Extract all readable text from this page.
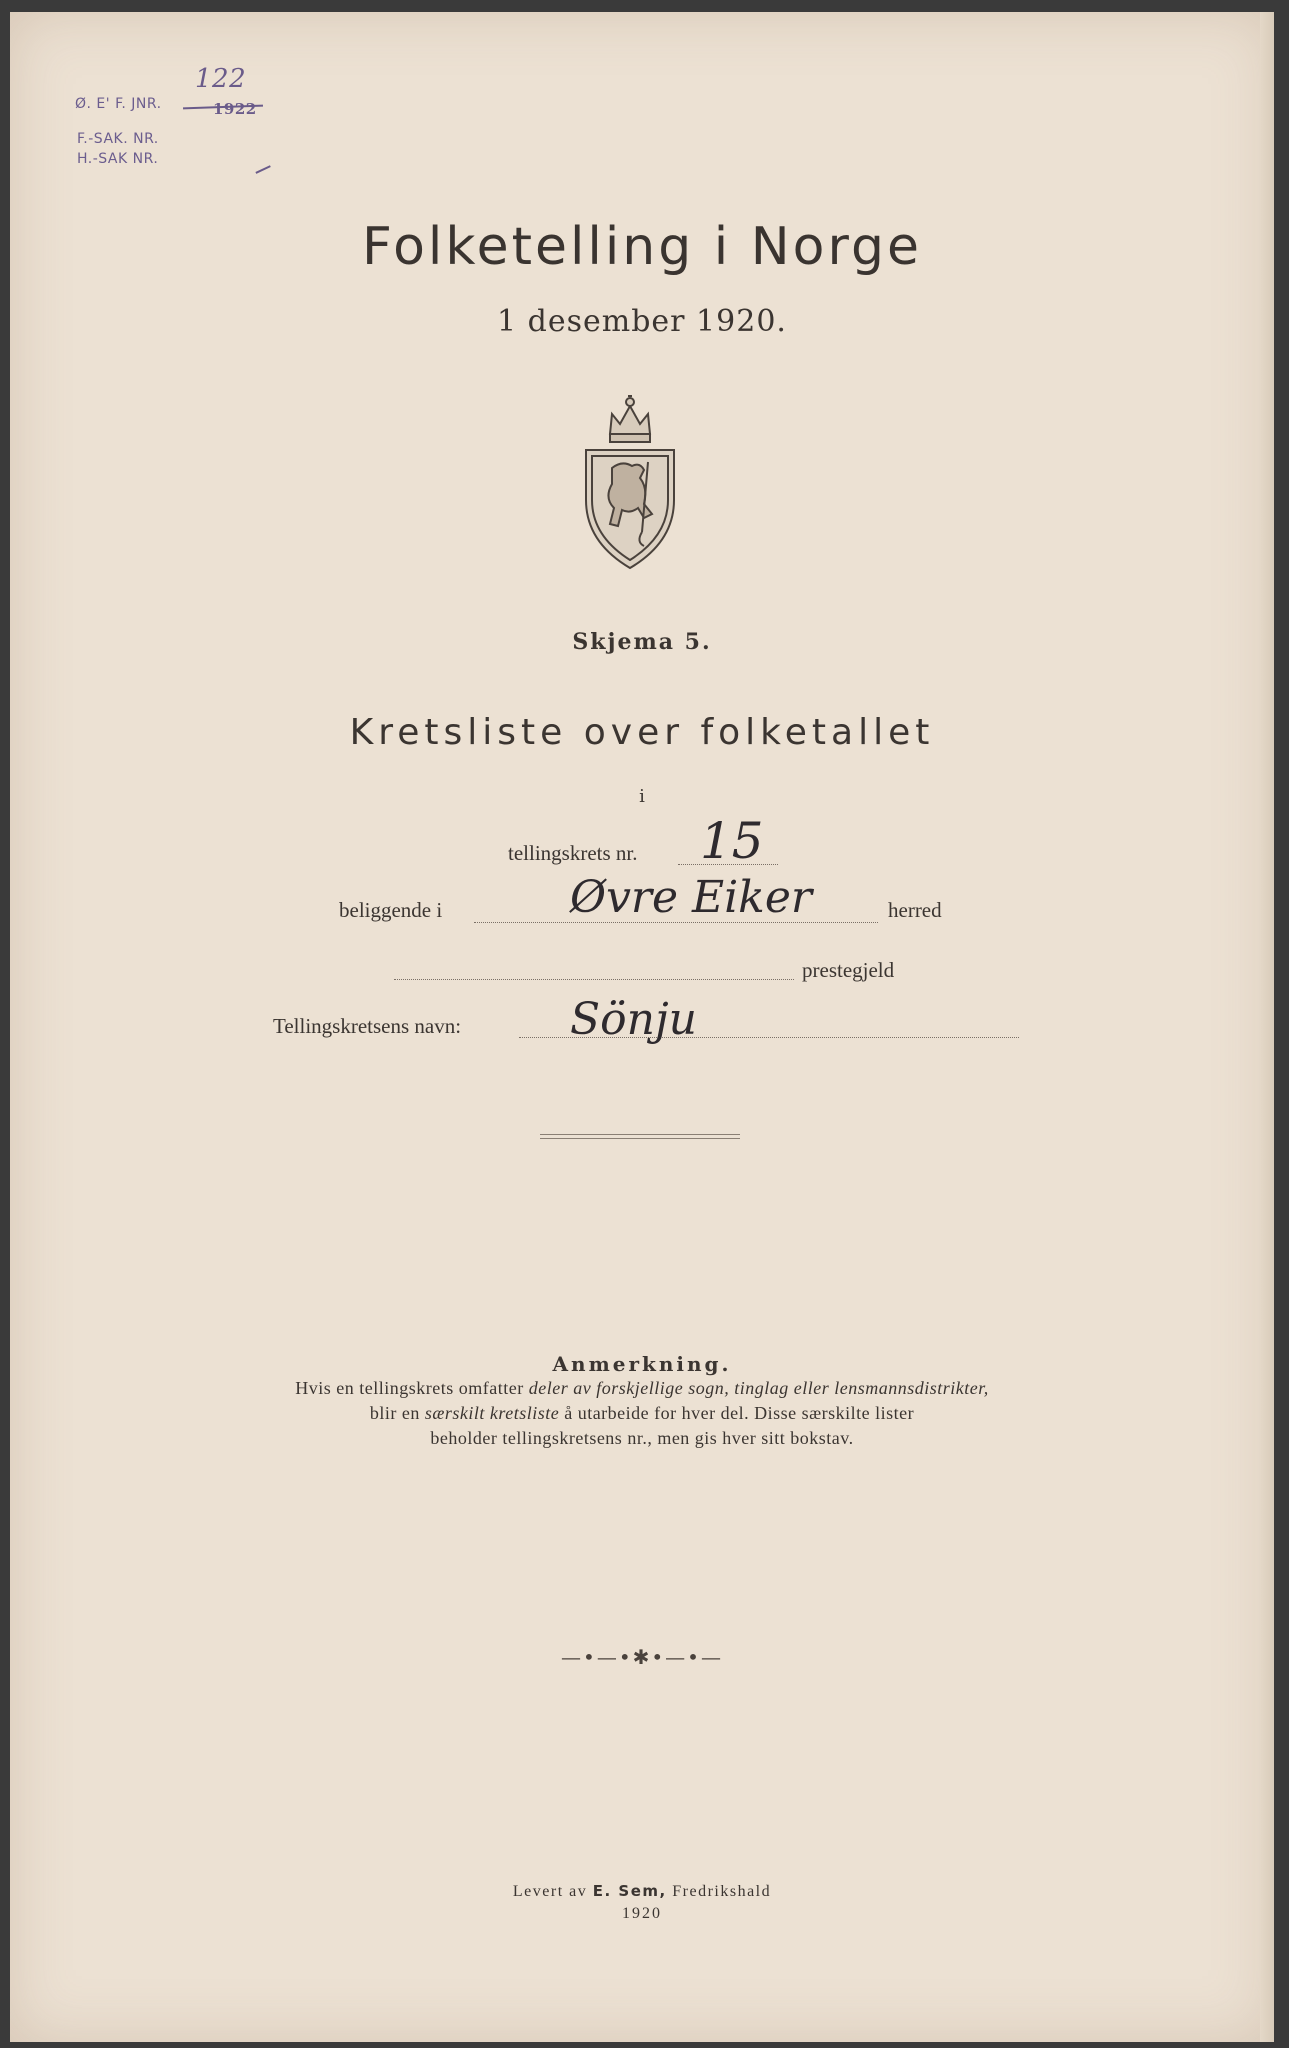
122
Ø. E' F. JNR.	1922
F.-SAK. NR.
H.-SAK NR.
Folketelling i Norge
1 desember 1920.
Skjema 5.
Kretsliste over folketallet
i
tellingskrets nr. 15
beliggende i	Øvre Eiker	herred
prestegjeld
Tellingskretsens navn: Sönju
Anmerkning.
Hvis en tellingskrets omfatter deler av forskjellige sogn, tinglag eller lensmannsdistrikter,
blir en særskilt kretsliste å utarbeide for hver del. Disse særskilte lister
beholder tellingskretsens nr., men gis hver sitt bokstav.
—•—•✱•—•—
Levert av E. Sem, Fredrikshald
1920
